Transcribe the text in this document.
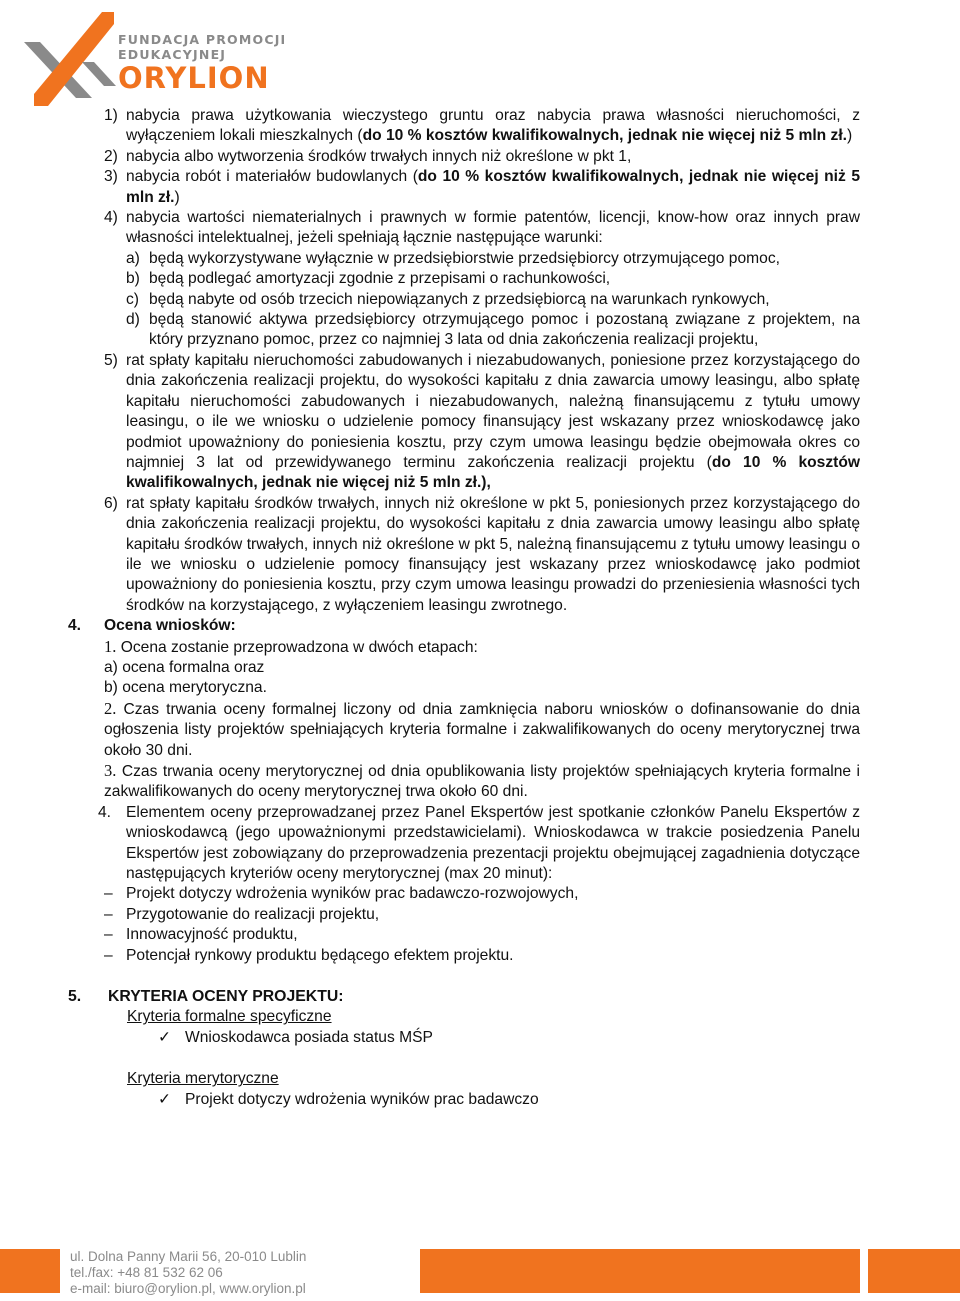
FUNDACJA PROMOCJI
EDUKACYJNEJ
ORYLION
1) nabycia prawa użytkowania wieczystego gruntu oraz nabycia prawa własności nieruchomości, z wyłączeniem lokali mieszkalnych (do 10 % kosztów kwalifikowalnych, jednak nie więcej niż 5 mln zł.)
2) nabycia albo wytworzenia środków trwałych innych niż określone w pkt 1,
3) nabycia robót i materiałów budowlanych (do 10 % kosztów kwalifikowalnych, jednak nie więcej niż 5 mln zł.)
4) nabycia wartości niematerialnych i prawnych w formie patentów, licencji, know-how oraz innych praw własności intelektualnej, jeżeli spełniają łącznie następujące warunki:
a) będą wykorzystywane wyłącznie w przedsiębiorstwie przedsiębiorcy otrzymującego pomoc,
b) będą podlegać amortyzacji zgodnie z przepisami o rachunkowości,
c) będą nabyte od osób trzecich niepowiązanych z przedsiębiorcą na warunkach rynkowych,
d) będą stanowić aktywa przedsiębiorcy otrzymującego pomoc i pozostaną związane z projektem, na który przyznano pomoc, przez co najmniej 3 lata od dnia zakończenia realizacji projektu,
5) rat spłaty kapitału nieruchomości zabudowanych i niezabudowanych, poniesione przez korzystającego do dnia zakończenia realizacji projektu, do wysokości kapitału z dnia zawarcia umowy leasingu, albo spłatę kapitału nieruchomości zabudowanych i niezabudowanych, należną finansującemu z tytułu umowy leasingu, o ile we wniosku o udzielenie pomocy finansujący jest wskazany przez wnioskodawcę jako podmiot upoważniony do poniesienia kosztu, przy czym umowa leasingu będzie obejmowała okres co najmniej 3 lat od przewidywanego terminu zakończenia realizacji projektu (do 10 % kosztów kwalifikowalnych, jednak nie więcej niż 5 mln zł.),
6) rat spłaty kapitału środków trwałych, innych niż określone w pkt 5, poniesionych przez korzystającego do dnia zakończenia realizacji projektu, do wysokości kapitału z dnia zawarcia umowy leasingu albo spłatę kapitału środków trwałych, innych niż określone w pkt 5, należną finansującemu z tytułu umowy leasingu o ile we wniosku o udzielenie pomocy finansujący jest wskazany przez wnioskodawcę jako podmiot upoważniony do poniesienia kosztu, przy czym umowa leasingu prowadzi do przeniesienia własności tych środków na korzystającego, z wyłączeniem leasingu zwrotnego.
4. Ocena wniosków:
1. Ocena zostanie przeprowadzona w dwóch etapach:
a) ocena formalna oraz
b) ocena merytoryczna.
2. Czas trwania oceny formalnej liczony od dnia zamknięcia naboru wniosków o dofinansowanie do dnia ogłoszenia listy projektów spełniających kryteria formalne i zakwalifikowanych do oceny merytorycznej trwa około 30 dni.
3. Czas trwania oceny merytorycznej od dnia opublikowania listy projektów spełniających kryteria formalne i zakwalifikowanych do oceny merytorycznej trwa około 60 dni.
4. Elementem oceny przeprowadzanej przez Panel Ekspertów jest spotkanie członków Panelu Ekspertów z wnioskodawcą (jego upoważnionymi przedstawicielami). Wnioskodawca w trakcie posiedzenia Panelu Ekspertów jest zobowiązany do przeprowadzenia prezentacji projektu obejmującej zagadnienia dotyczące następujących kryteriów oceny merytorycznej (max 20 minut):
– Projekt dotyczy wdrożenia wyników prac badawczo-rozwojowych,
– Przygotowanie do realizacji projektu,
– Innowacyjność produktu,
– Potencjał rynkowy produktu będącego efektem projektu.
5. KRYTERIA OCENY PROJEKTU:
Kryteria formalne specyficzne
✓ Wnioskodawca posiada status MŚP
Kryteria merytoryczne
✓ Projekt dotyczy wdrożenia wyników prac badawczo
ul. Dolna Panny Marii 56, 20-010 Lublin
tel./fax: +48 81 532 62 06
e-mail: biuro@orylion.pl, www.orylion.pl
